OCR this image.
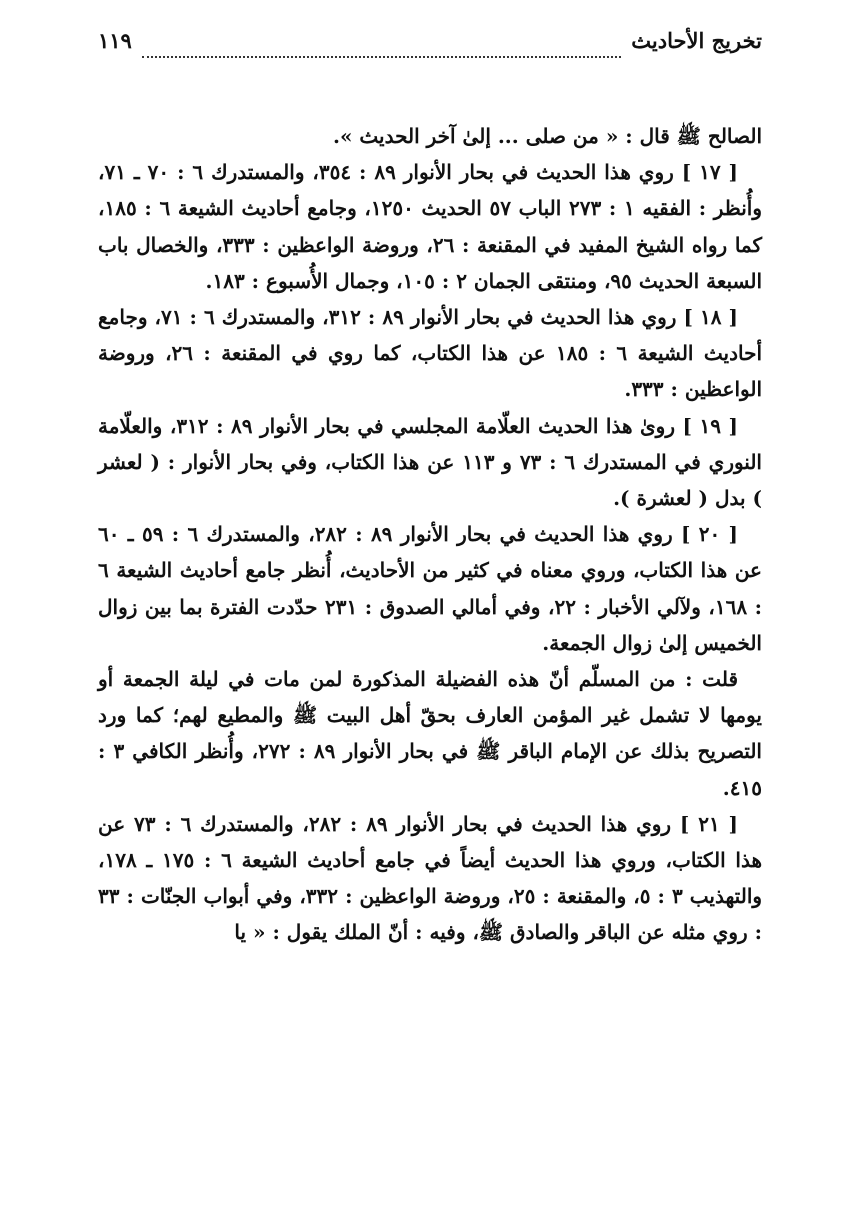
تخريج الأحاديث
١١٩

الصالح ﷺ قال : « من صلى ... إلىٰ آخر الحديث ».

[ ١٧ ] روي هذا الحديث في بحار الأنوار ٨٩ : ٣٥٤، والمستدرك ٦ : ٧٠ ـ ٧١، وأُنظر : الفقيه ١ : ٢٧٣ الباب ٥٧ الحديث ١٢٥٠، وجامع أحاديث الشيعة ٦ : ١٨٥، كما رواه الشيخ المفيد في المقنعة : ٢٦، وروضة الواعظين : ٣٣٣، والخصال باب السبعة الحديث ٩٥، ومنتقى الجمان ٢ : ١٠٥، وجمال الأُسبوع : ١٨٣.

[ ١٨ ] روي هذا الحديث في بحار الأنوار ٨٩ : ٣١٢، والمستدرك ٦ : ٧١، وجامع أحاديث الشيعة ٦ : ١٨٥ عن هذا الكتاب، كما روي في المقنعة : ٢٦، وروضة الواعظين : ٣٣٣.

[ ١٩ ] روىٰ هذا الحديث العلّامة المجلسي في بحار الأنوار ٨٩ : ٣١٢، والعلّامة النوري في المستدرك ٦ : ٧٣ و ١١٣ عن هذا الكتاب، وفي بحار الأنوار : ( لعشر ) بدل ( لعشرة ).

[ ٢٠ ] روي هذا الحديث في بحار الأنوار ٨٩ : ٢٨٢، والمستدرك ٦ : ٥٩ ـ ٦٠ عن هذا الكتاب، وروي معناه في كثير من الأحاديث، أُنظر جامع أحاديث الشيعة ٦ : ١٦٨، ولآلي الأخبار : ٢٢، وفي أمالي الصدوق : ٢٣١ حدّدت الفترة بما بين زوال الخميس إلىٰ زوال الجمعة.

قلت : من المسلّم أنّ هذه الفضيلة المذكورة لمن مات في ليلة الجمعة أو يومها لا تشمل غير المؤمن العارف بحقّ أهل البيت ﷺ والمطيع لهم؛ كما ورد التصريح بذلك عن الإمام الباقر ﷺ في بحار الأنوار ٨٩ : ٢٧٢، وأُنظر الكافي ٣ : ٤١٥.

[ ٢١ ] روي هذا الحديث في بحار الأنوار ٨٩ : ٢٨٢، والمستدرك ٦ : ٧٣ عن هذا الكتاب، وروي هذا الحديث أيضاً في جامع أحاديث الشيعة ٦ : ١٧٥ ـ ١٧٨، والتهذيب ٣ : ٥، والمقنعة : ٢٥، وروضة الواعظين : ٣٣٢، وفي أبواب الجنّات : ٣٣ : روي مثله عن الباقر والصادق ﷺ، وفيه : أنّ الملك يقول : « يا
